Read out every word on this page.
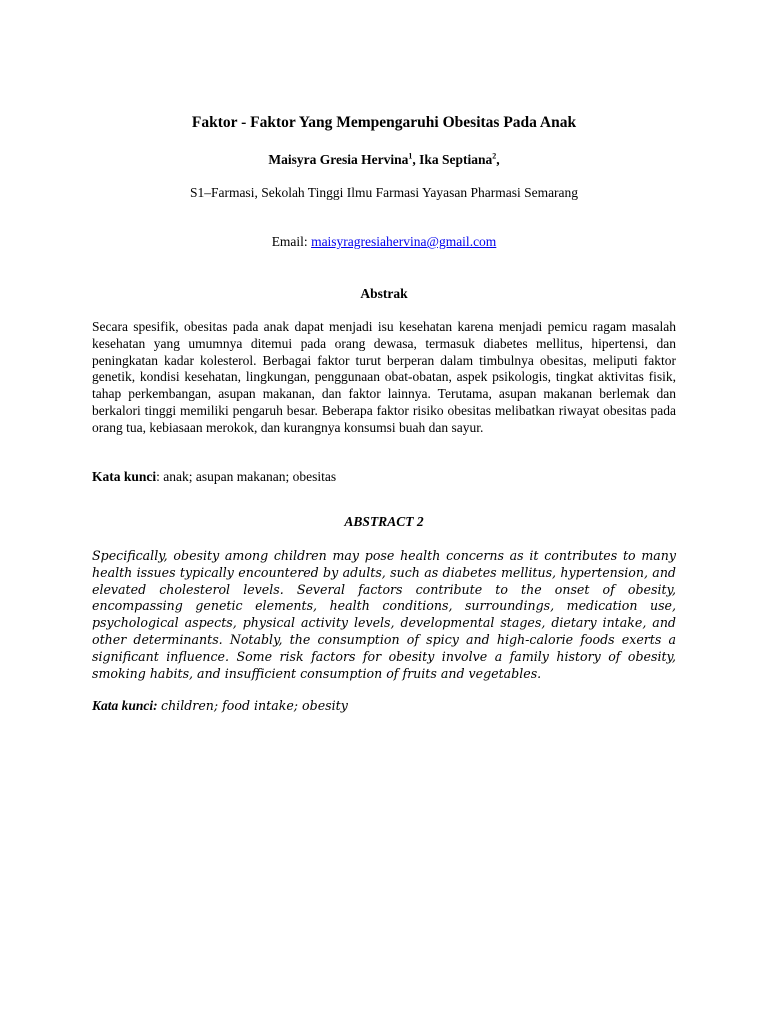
Faktor - Faktor Yang Mempengaruhi Obesitas Pada Anak
Maisyra Gresia Hervina$^1$, Ika Septiana$^2$,
S1–Farmasi, Sekolah Tinggi Ilmu Farmasi Yayasan Pharmasi Semarang
Email: maisyragresiahervina@gmail.com
Abstrak
Secara spesifik, obesitas pada anak dapat menjadi isu kesehatan karena menjadi pemicu ragam masalah kesehatan yang umumnya ditemui pada orang dewasa, termasuk diabetes mellitus, hipertensi, dan peningkatan kadar kolesterol. Berbagai faktor turut berperan dalam timbulnya obesitas, meliputi faktor genetik, kondisi kesehatan, lingkungan, penggunaan obat-obatan, aspek psikologis, tingkat aktivitas fisik, tahap perkembangan, asupan makanan, dan faktor lainnya. Terutama, asupan makanan berlemak dan berkalori tinggi memiliki pengaruh besar. Beberapa faktor risiko obesitas melibatkan riwayat obesitas pada orang tua, kebiasaan merokok, dan kurangnya konsumsi buah dan sayur.
Kata kunci: anak; asupan makanan; obesitas
ABSTRACT 2
Specifically, obesity among children may pose health concerns as it contributes to many health issues typically encountered by adults, such as diabetes mellitus, hypertension, and elevated cholesterol levels. Several factors contribute to the onset of obesity, encompassing genetic elements, health conditions, surroundings, medication use, psychological aspects, physical activity levels, developmental stages, dietary intake, and other determinants. Notably, the consumption of spicy and high-calorie foods exerts a significant influence. Some risk factors for obesity involve a family history of obesity, smoking habits, and insufficient consumption of fruits and vegetables.
Kata kunci: children; food intake; obesity
